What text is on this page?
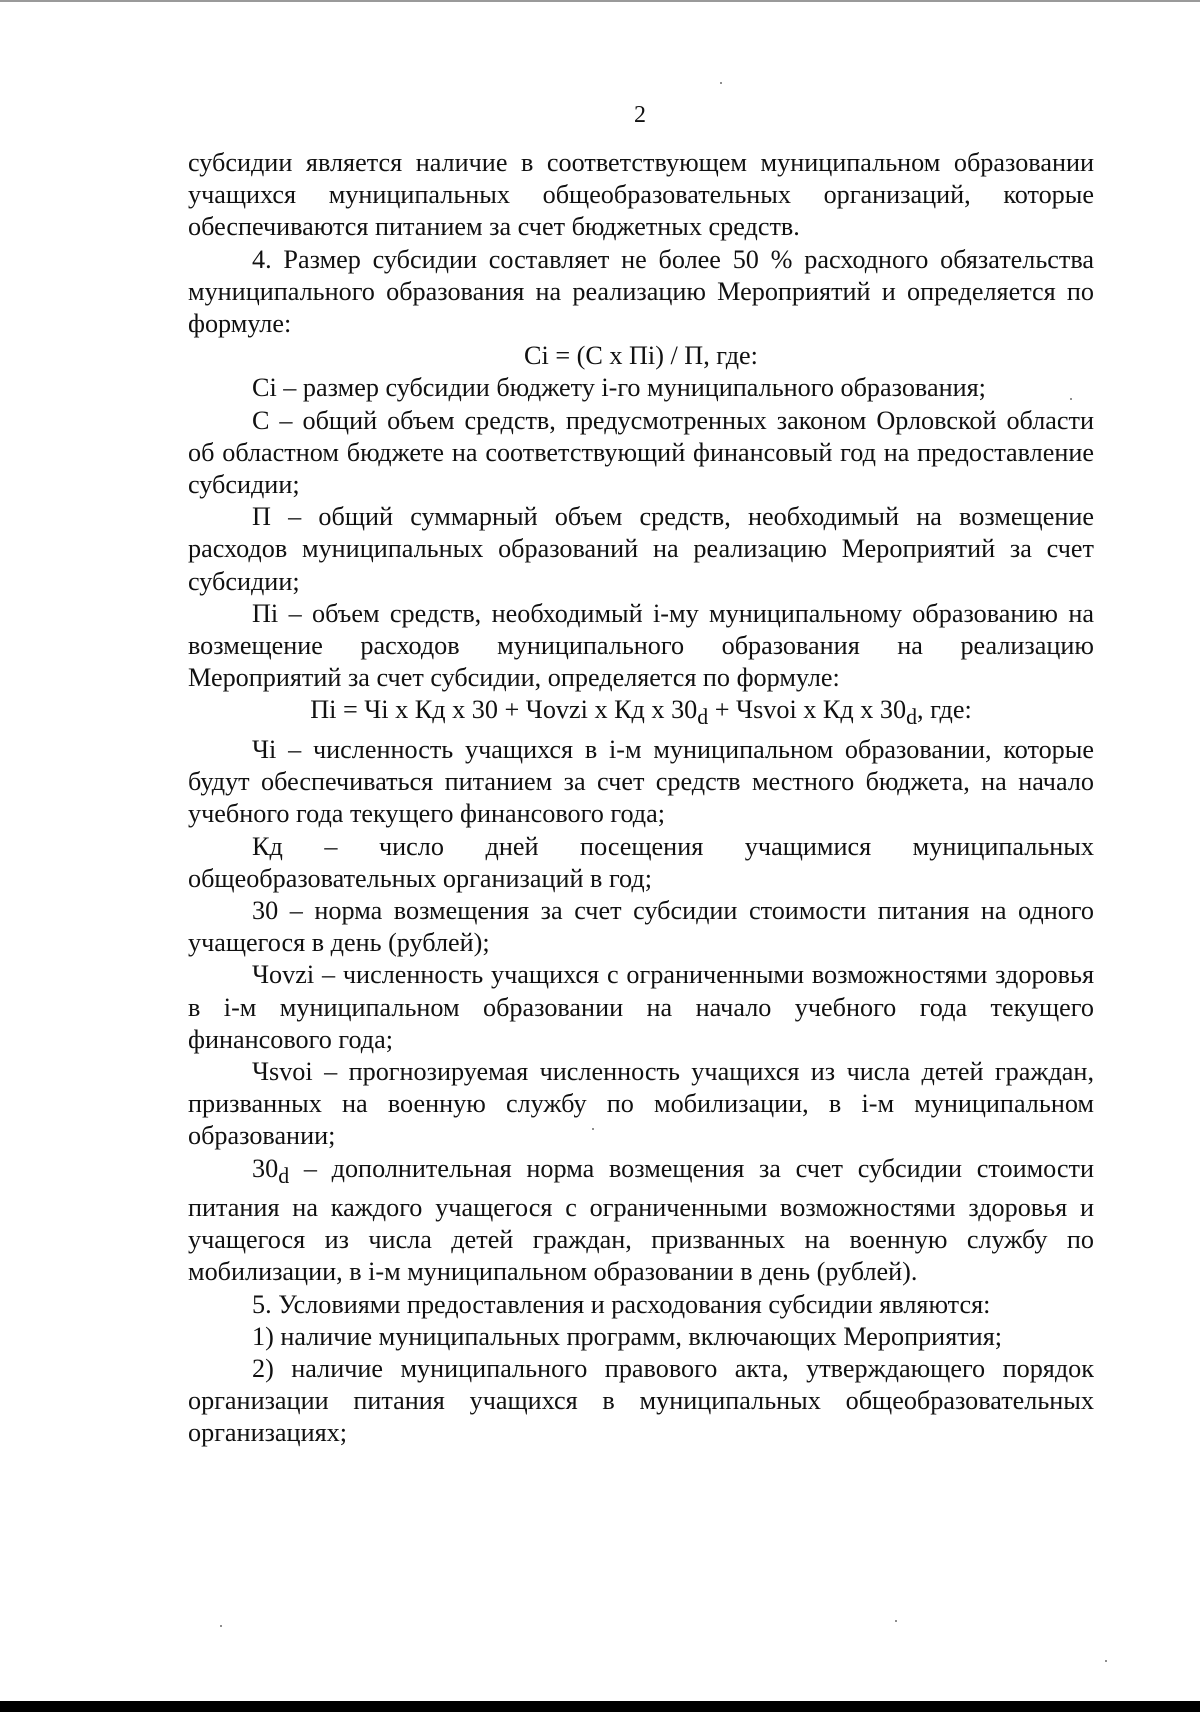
2

субсидии является наличие в соответствующем муниципальном образовании учащихся муниципальных общеобразовательных организаций, которые обеспечиваются питанием за счет бюджетных средств.

4. Размер субсидии составляет не более 50 % расходного обязательства муниципального образования на реализацию Мероприятий и определяется по формуле:

Сi = (С х Пi) / П, где:

Сi – размер субсидии бюджету i-го муниципального образования;

С – общий объем средств, предусмотренных законом Орловской области об областном бюджете на соответствующий финансовый год на предоставление субсидии;

П – общий суммарный объем средств, необходимый на возмещение расходов муниципальных образований на реализацию Мероприятий за счет субсидии;

Пi – объем средств, необходимый i-му муниципальному образованию на возмещение расходов муниципального образования на реализацию Мероприятий за счет субсидии, определяется по формуле:

Пi = Чi х Кд х 30 + Чоvzi х Кд х $30_d$ + Чsvoi х Кд х $30_d$, где:

Чi – численность учащихся в i-м муниципальном образовании, которые будут обеспечиваться питанием за счет средств местного бюджета, на начало учебного года текущего финансового года;

Кд – число дней посещения учащимися муниципальных

общеобразовательных организаций в год;

30 – норма возмещения за счет субсидии стоимости питания на одного учащегося в день (рублей);

Чоvzi – численность учащихся с ограниченными возможностями здоровья в i-м муниципальном образовании на начало учебного года текущего финансового года;

Чsvoi – прогнозируемая численность учащихся из числа детей граждан, призванных на военную службу по мобилизации, в i-м муниципальном образовании;

$30_d$ – дополнительная норма возмещения за счет субсидии стоимости питания на каждого учащегося с ограниченными возможностями здоровья и учащегося из числа детей граждан, призванных на военную службу по мобилизации, в i-м муниципальном образовании в день (рублей).

5. Условиями предоставления и расходования субсидии являются:

1) наличие муниципальных программ, включающих Мероприятия;

2) наличие муниципального правового акта, утверждающего порядок организации питания учащихся в муниципальных общеобразовательных организациях;
